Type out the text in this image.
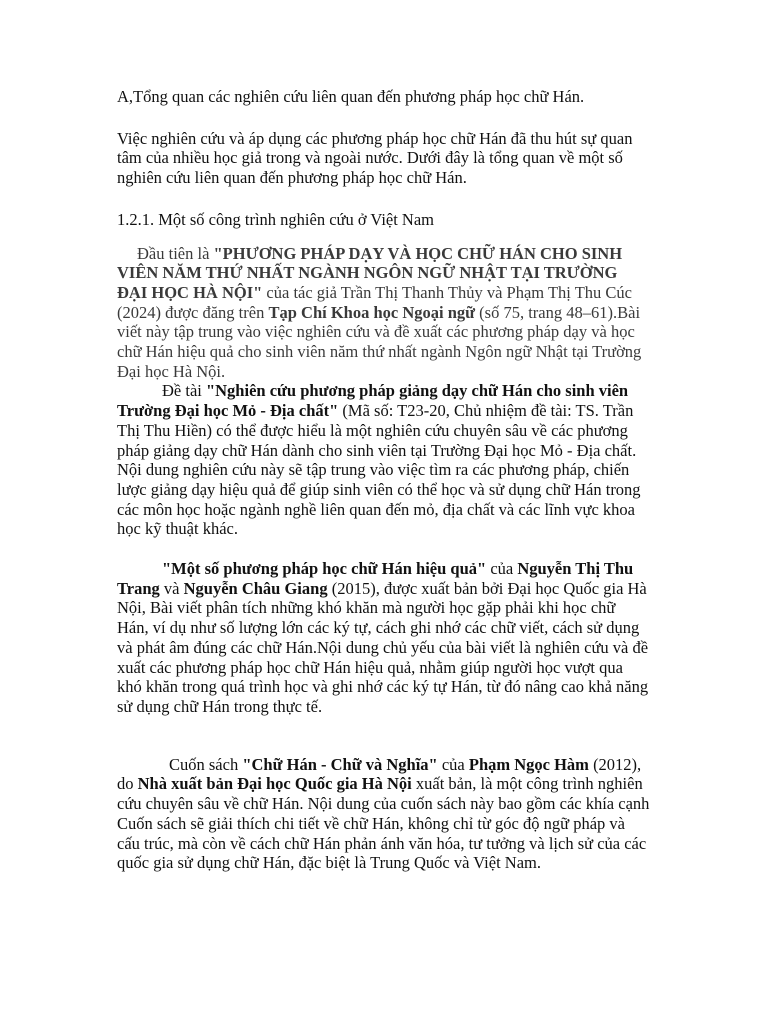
A,Tổng quan các nghiên cứu liên quan đến phương pháp học chữ Hán.

Việc nghiên cứu và áp dụng các phương pháp học chữ Hán đã thu hút sự quan tâm của nhiều học giả trong và ngoài nước. Dưới đây là tổng quan về một số nghiên cứu liên quan đến phương pháp học chữ Hán.

1.2.1. Một số công trình nghiên cứu ở Việt Nam

Đầu tiên là "PHƯƠNG PHÁP DẠY VÀ HỌC CHỮ HÁN CHO SINH VIÊN NĂM THỨ NHẤT NGÀNH NGÔN NGỮ NHẬT TẠI TRƯỜNG ĐẠI HỌC HÀ NỘI" của tác giả Trần Thị Thanh Thủy và Phạm Thị Thu Cúc (2024) được đăng trên Tạp Chí Khoa học Ngoại ngữ (số 75, trang 48–61).Bài viết này tập trung vào việc nghiên cứu và đề xuất các phương pháp dạy và học chữ Hán hiệu quả cho sinh viên năm thứ nhất ngành Ngôn ngữ Nhật tại Trường Đại học Hà Nội.

Đề tài "Nghiên cứu phương pháp giảng dạy chữ Hán cho sinh viên Trường Đại học Mỏ - Địa chất" (Mã số: T23-20, Chủ nhiệm đề tài: TS. Trần Thị Thu Hiền) có thể được hiểu là một nghiên cứu chuyên sâu về các phương pháp giảng dạy chữ Hán dành cho sinh viên tại Trường Đại học Mỏ - Địa chất. Nội dung nghiên cứu này sẽ tập trung vào việc tìm ra các phương pháp, chiến lược giảng dạy hiệu quả để giúp sinh viên có thể học và sử dụng chữ Hán trong các môn học hoặc ngành nghề liên quan đến mỏ, địa chất và các lĩnh vực khoa học kỹ thuật khác.

"Một số phương pháp học chữ Hán hiệu quả" của Nguyễn Thị Thu Trang và Nguyễn Châu Giang (2015), được xuất bản bởi Đại học Quốc gia Hà Nội, Bài viết phân tích những khó khăn mà người học gặp phải khi học chữ Hán, ví dụ như số lượng lớn các ký tự, cách ghi nhớ các chữ viết, cách sử dụng và phát âm đúng các chữ Hán.Nội dung chủ yếu của bài viết là nghiên cứu và đề xuất các phương pháp học chữ Hán hiệu quả, nhằm giúp người học vượt qua khó khăn trong quá trình học và ghi nhớ các ký tự Hán, từ đó nâng cao khả năng sử dụng chữ Hán trong thực tế.

Cuốn sách "Chữ Hán - Chữ và Nghĩa" của Phạm Ngọc Hàm (2012), do Nhà xuất bản Đại học Quốc gia Hà Nội xuất bản, là một công trình nghiên cứu chuyên sâu về chữ Hán. Nội dung của cuốn sách này bao gồm các khía cạnh Cuốn sách sẽ giải thích chi tiết về chữ Hán, không chỉ từ góc độ ngữ pháp và cấu trúc, mà còn về cách chữ Hán phản ánh văn hóa, tư tưởng và lịch sử của các quốc gia sử dụng chữ Hán, đặc biệt là Trung Quốc và Việt Nam.
